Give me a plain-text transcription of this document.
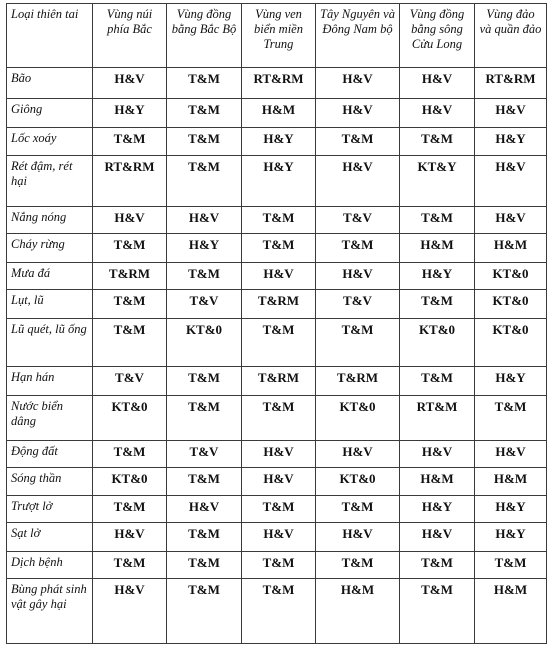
Loại thiên tai	Vùng núi phía Bắc	Vùng đồng bằng Bắc Bộ	Vùng ven biển miền Trung	Tây Nguyên và Đông Nam bộ	Vùng đồng bằng sông Cửu Long	Vùng đảo và quần đảo
Bão	H&V	T&M	RT&RM	H&V	H&V	RT&RM
Giông	H&Y	T&M	H&M	H&V	H&V	H&V
Lốc xoáy	T&M	T&M	H&Y	T&M	T&M	H&Y
Rét đậm, rét hại	RT&RM	T&M	H&Y	H&V	KT&Y	H&V
Nắng nóng	H&V	H&V	T&M	T&V	T&M	H&V
Cháy rừng	T&M	H&Y	T&M	T&M	H&M	H&M
Mưa đá	T&RM	T&M	H&V	H&V	H&Y	KT&0
Lụt, lũ	T&M	T&V	T&RM	T&V	T&M	KT&0
Lũ quét, lũ ống	T&M	KT&0	T&M	T&M	KT&0	KT&0
Hạn hán	T&V	T&M	T&RM	T&RM	T&M	H&Y
Nước biển dâng	KT&0	T&M	T&M	KT&0	RT&M	T&M
Động đất	T&M	T&V	H&V	H&V	H&V	H&V
Sóng thần	KT&0	T&M	H&V	KT&0	H&M	H&M
Trượt lở	T&M	H&V	T&M	T&M	H&Y	H&Y
Sạt lở	H&V	T&M	H&V	H&V	H&V	H&Y
Dịch bệnh	T&M	T&M	T&M	T&M	T&M	T&M
Bùng phát sinh vật gây hại	H&V	T&M	T&M	H&M	T&M	H&M
